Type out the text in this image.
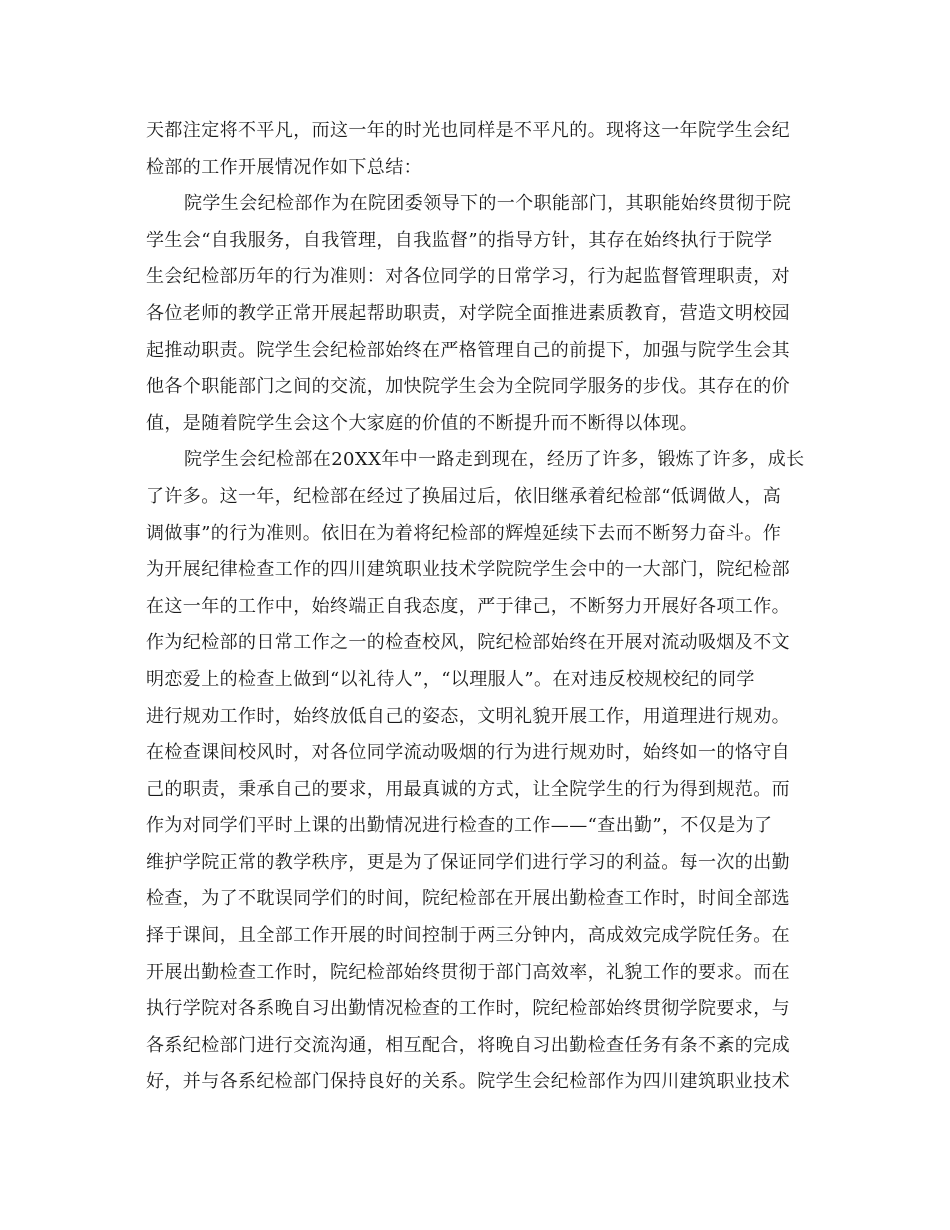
天都注定将不平凡，而这一年的时光也同样是不平凡的。现将这一年院学生会纪
检部的工作开展情况作如下总结：
院学生会纪检部作为在院团委领导下的一个职能部门，其职能始终贯彻于院
学生会“自我服务，自我管理，自我监督”的指导方针，其存在始终执行于院学
生会纪检部历年的行为准则：对各位同学的日常学习，行为起监督管理职责，对
各位老师的教学正常开展起帮助职责，对学院全面推进素质教育，营造文明校园
起推动职责。院学生会纪检部始终在严格管理自己的前提下，加强与院学生会其
他各个职能部门之间的交流，加快院学生会为全院同学服务的步伐。其存在的价
值，是随着院学生会这个大家庭的价值的不断提升而不断得以体现。
院学生会纪检部在20XX年中一路走到现在，经历了许多，锻炼了许多，成长
了许多。这一年，纪检部在经过了换届过后，依旧继承着纪检部“低调做人，高
调做事”的行为准则。依旧在为着将纪检部的辉煌延续下去而不断努力奋斗。作
为开展纪律检查工作的四川建筑职业技术学院院学生会中的一大部门，院纪检部
在这一年的工作中，始终端正自我态度，严于律己，不断努力开展好各项工作。
作为纪检部的日常工作之一的检查校风，院纪检部始终在开展对流动吸烟及不文
明恋爱上的检查上做到“以礼待人”，“以理服人”。在对违反校规校纪的同学
进行规劝工作时，始终放低自己的姿态，文明礼貌开展工作，用道理进行规劝。
在检查课间校风时，对各位同学流动吸烟的行为进行规劝时，始终如一的恪守自
己的职责，秉承自己的要求，用最真诚的方式，让全院学生的行为得到规范。而
作为对同学们平时上课的出勤情况进行检查的工作——“查出勤”，不仅是为了
维护学院正常的教学秩序，更是为了保证同学们进行学习的利益。每一次的出勤
检查，为了不耽误同学们的时间，院纪检部在开展出勤检查工作时，时间全部选
择于课间，且全部工作开展的时间控制于两三分钟内，高成效完成学院任务。在
开展出勤检查工作时，院纪检部始终贯彻于部门高效率，礼貌工作的要求。而在
执行学院对各系晚自习出勤情况检查的工作时，院纪检部始终贯彻学院要求，与
各系纪检部门进行交流沟通，相互配合，将晚自习出勤检查任务有条不紊的完成
好，并与各系纪检部门保持良好的关系。院学生会纪检部作为四川建筑职业技术
